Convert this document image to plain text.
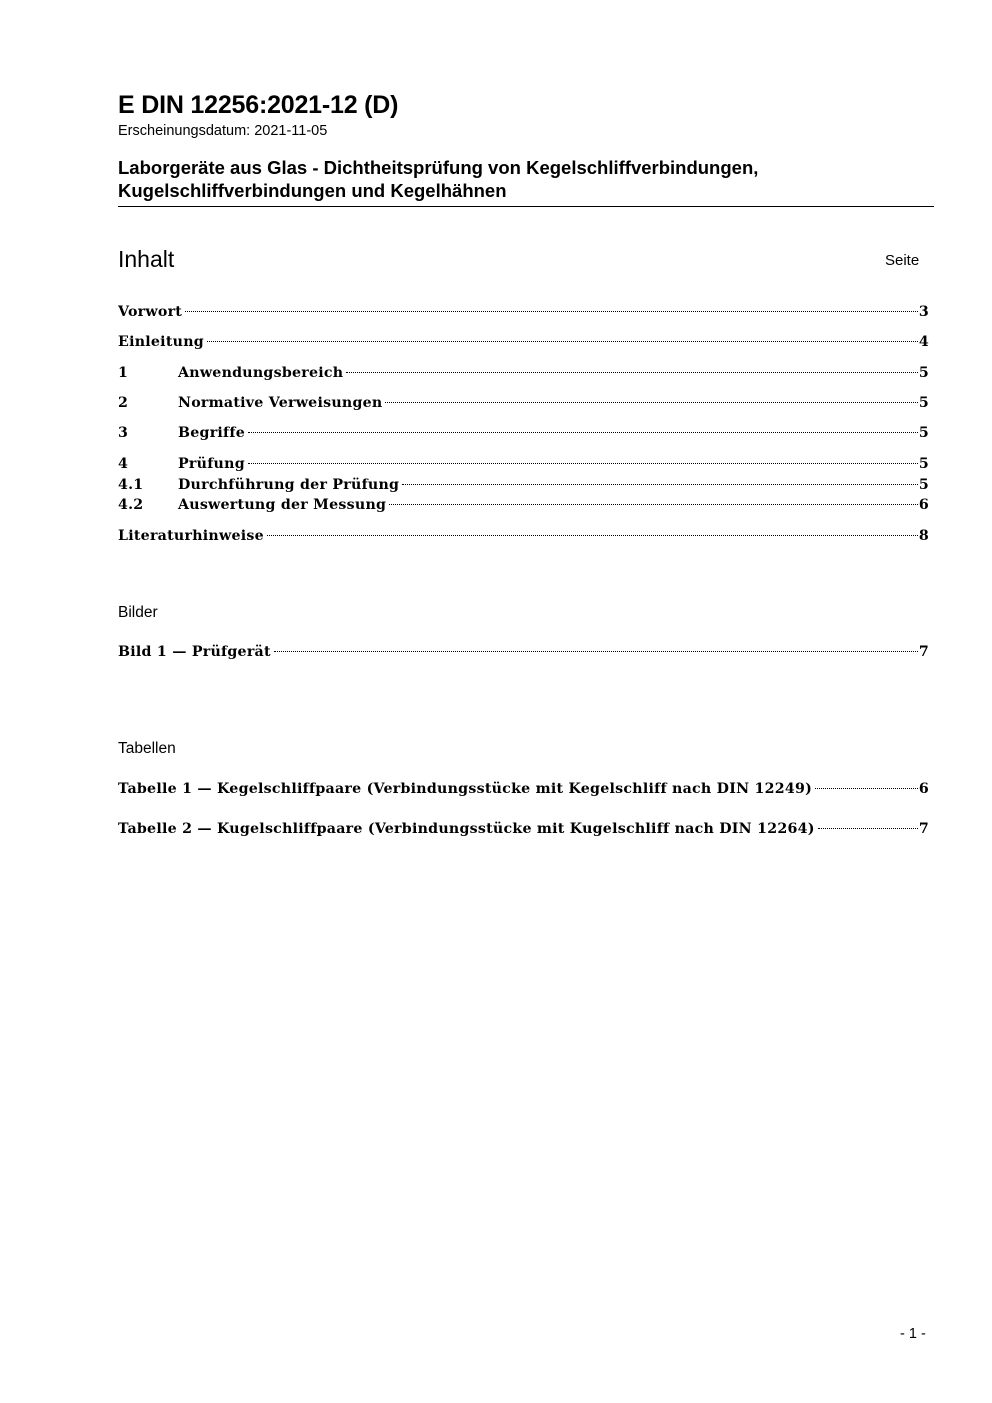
E DIN 12256:2021-12 (D)
Erscheinungsdatum: 2021-11-05
Laborgeräte aus Glas - Dichtheitsprüfung von Kegelschliffverbindungen,
Kugelschliffverbindungen und Kegelhähnen
Inhalt	Seite
Vorwort	3
Einleitung	4
1	Anwendungsbereich	5
2	Normative Verweisungen	5
3	Begriffe	5
4	Prüfung	5
4.1	Durchführung der Prüfung	5
4.2	Auswertung der Messung	6
Literaturhinweise	8
Bilder
Bild 1 — Prüfgerät	7
Tabellen
Tabelle 1 — Kegelschliffpaare (Verbindungsstücke mit Kegelschliff nach DIN 12249)	6
Tabelle 2 — Kugelschliffpaare (Verbindungsstücke mit Kugelschliff nach DIN 12264)	7
- 1 -
